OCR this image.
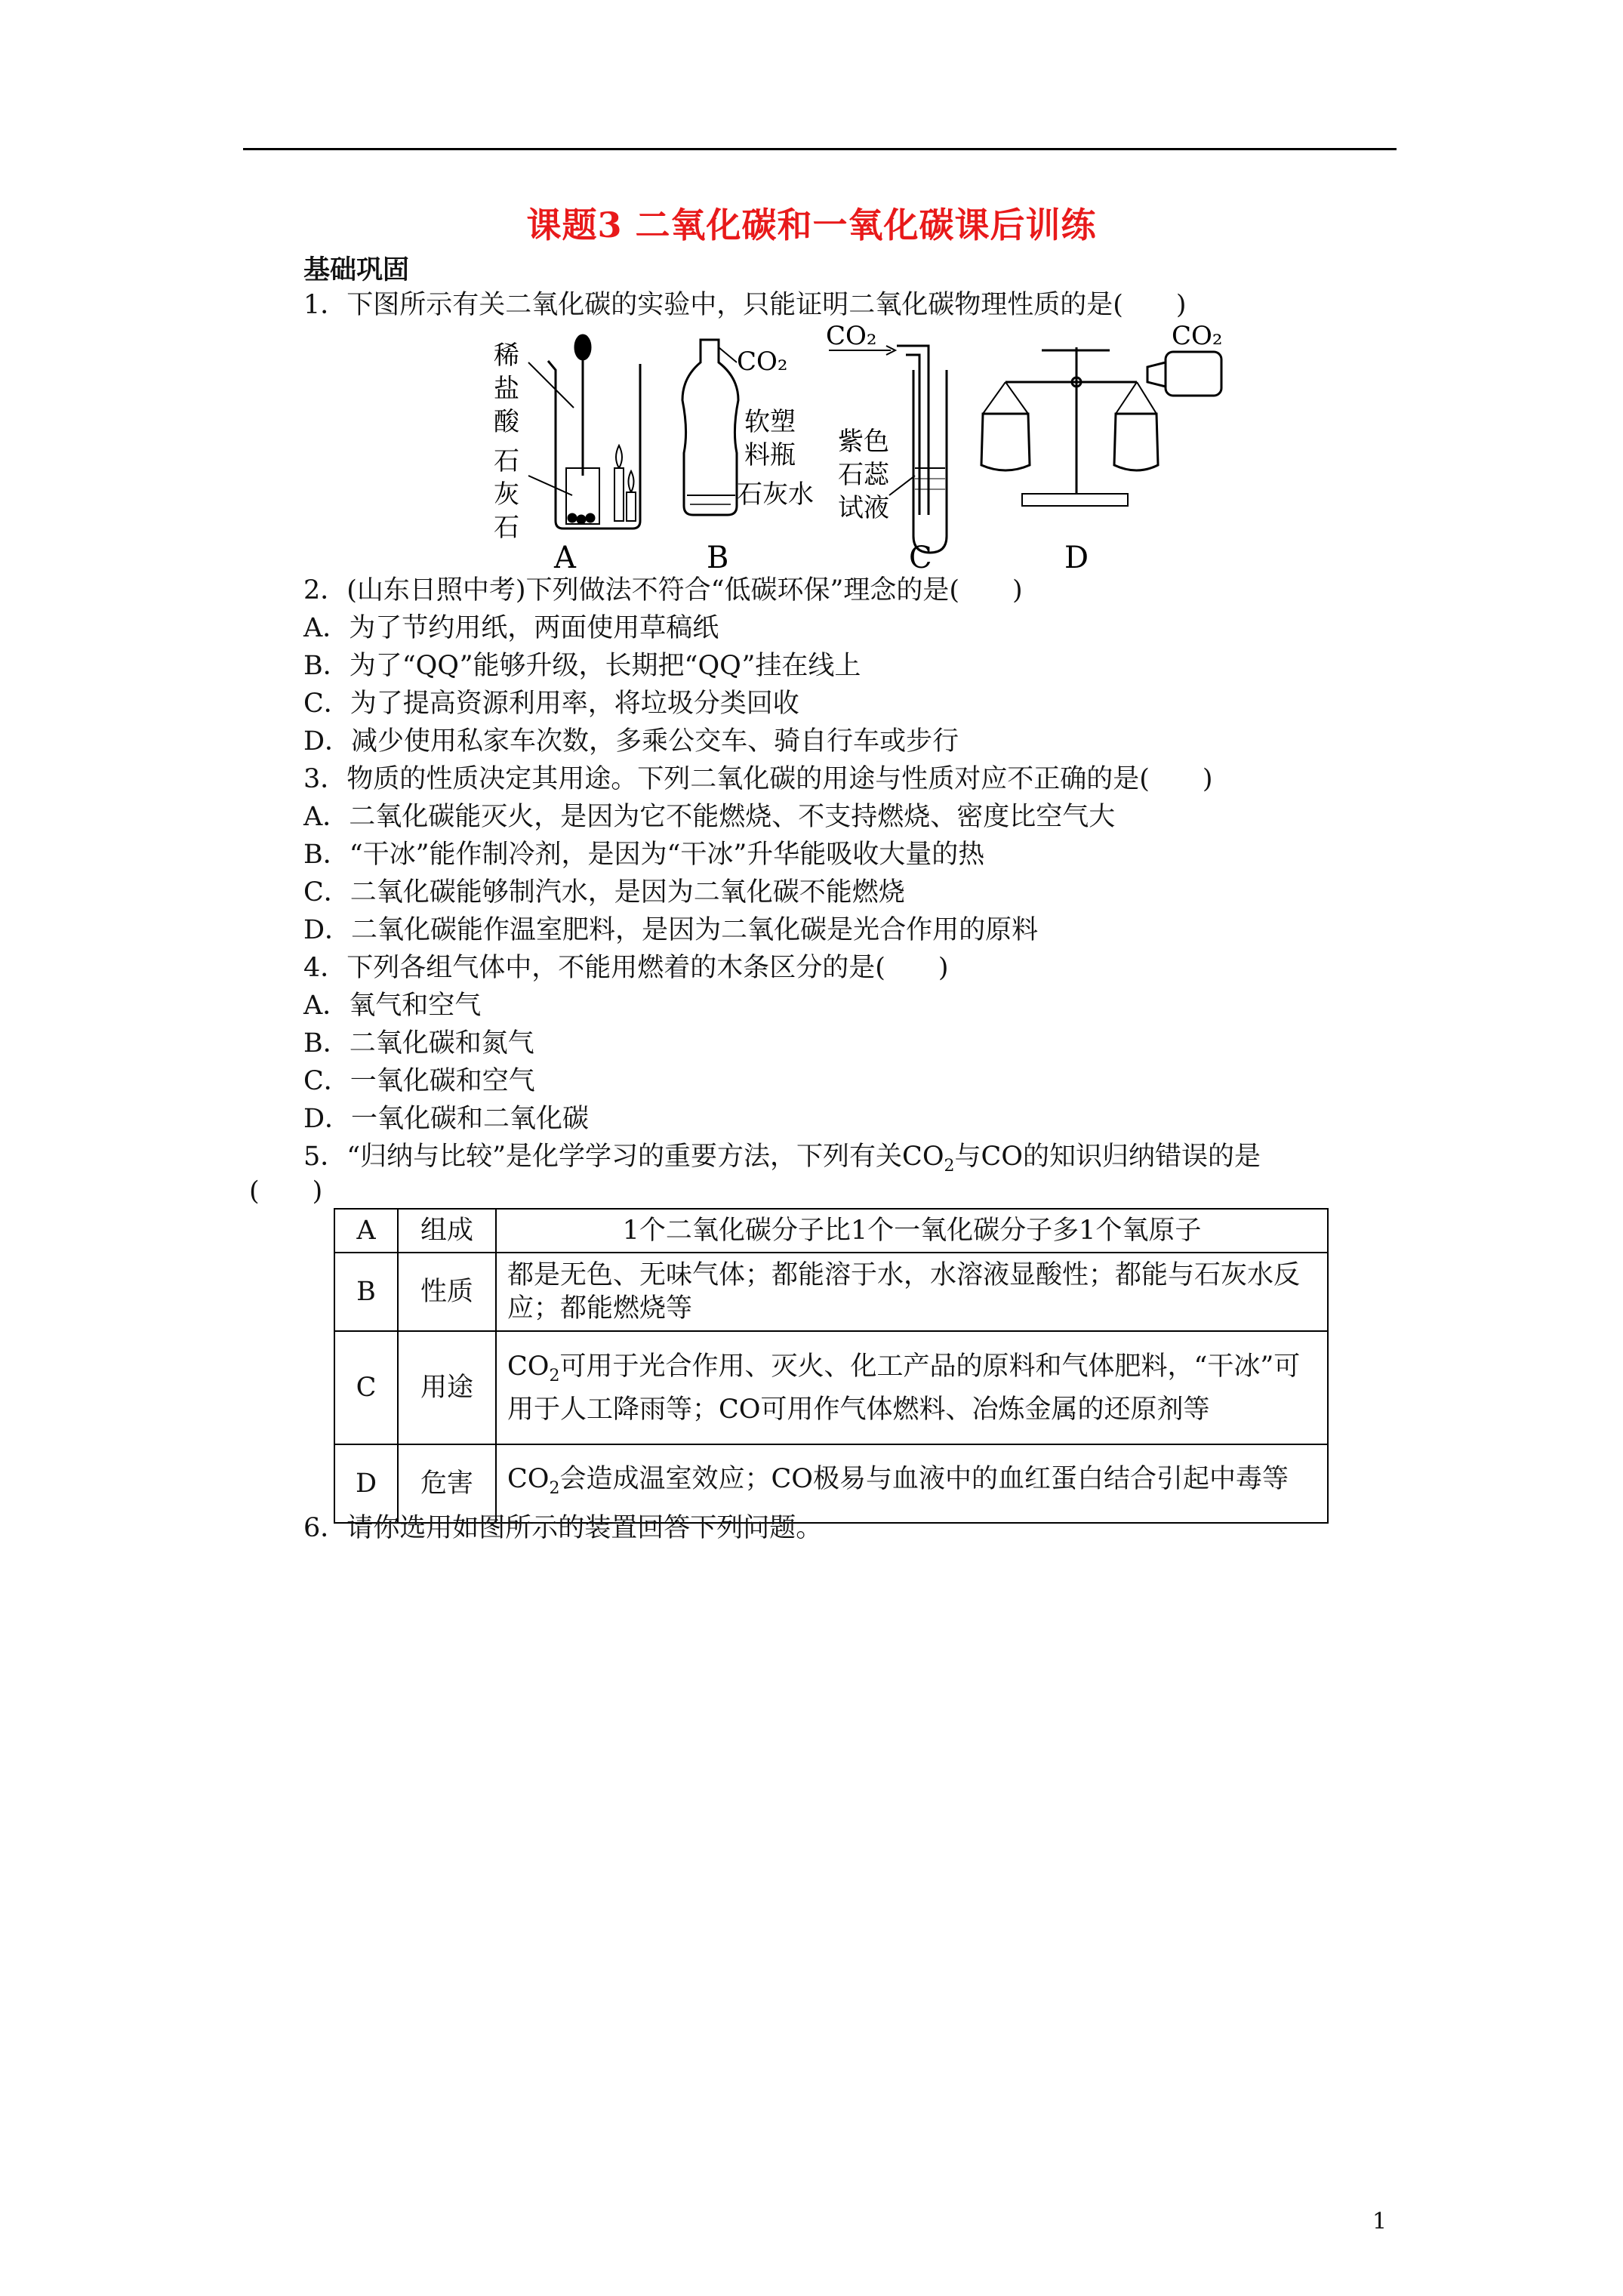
课题3 二氧化碳和一氧化碳课后训练
基础巩固
1．下图所示有关二氧化碳的实验中，只能证明二氧化碳物理性质的是(　　)
稀
盐
酸
石
灰
石
A
CO₂
软塑
料瓶
石灰水
B
CO₂
紫色
石蕊
试液
C
CO₂
D
2．(山东日照中考)下列做法不符合“低碳环保”理念的是(　　)
A．为了节约用纸，两面使用草稿纸
B．为了“QQ”能够升级，长期把“QQ”挂在线上
C．为了提高资源利用率，将垃圾分类回收
D．减少使用私家车次数，多乘公交车、骑自行车或步行
3．物质的性质决定其用途。下列二氧化碳的用途与性质对应不正确的是(　　)
A．二氧化碳能灭火，是因为它不能燃烧、不支持燃烧、密度比空气大
B．“干冰”能作制冷剂，是因为“干冰”升华能吸收大量的热
C．二氧化碳能够制汽水，是因为二氧化碳不能燃烧
D．二氧化碳能作温室肥料，是因为二氧化碳是光合作用的原料
4．下列各组气体中，不能用燃着的木条区分的是(　　)
A．氧气和空气
B．二氧化碳和氮气
C．一氧化碳和空气
D．一氧化碳和二氧化碳
5．“归纳与比较”是化学学习的重要方法，下列有关$CO_2$与CO的知识归纳错误的是
(　　)
A	组成	1个二氧化碳分子比1个一氧化碳分子多1个氧原子
B	性质	都是无色、无味气体；都能溶于水，水溶液显酸性；都能与石灰水反应；都能燃烧等
C	用途	$CO_2$可用于光合作用、灭火、化工产品的原料和气体肥料，“干冰”可用于人工降雨等；CO可用作气体燃料、冶炼金属的还原剂等
D	危害	$CO_2$会造成温室效应；CO极易与血液中的血红蛋白结合引起中毒等
6．请你选用如图所示的装置回答下列问题。
1
